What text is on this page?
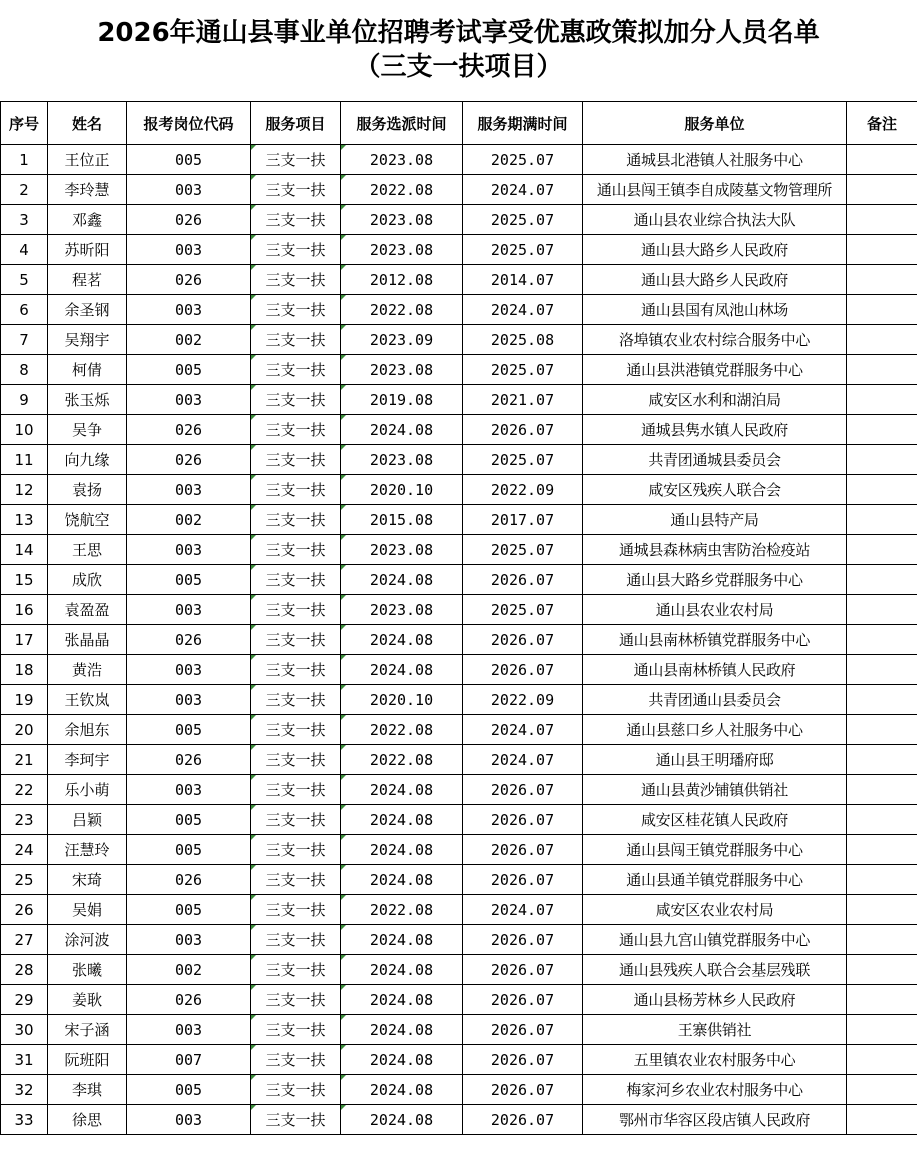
2026年通山县事业单位招聘考试享受优惠政策拟加分人员名单
（三支一扶项目）
序号	姓名	报考岗位代码	服务项目	服务选派时间	服务期满时间	服务单位	备注
1	王位正	005	三支一扶	2023.08	2025.07	通城县北港镇人社服务中心	
2	李玲慧	003	三支一扶	2022.08	2024.07	通山县闯王镇李自成陵墓文物管理所	
3	邓鑫	026	三支一扶	2023.08	2025.07	通山县农业综合执法大队	
4	苏昕阳	003	三支一扶	2023.08	2025.07	通山县大路乡人民政府	
5	程茗	026	三支一扶	2012.08	2014.07	通山县大路乡人民政府	
6	余圣钢	003	三支一扶	2022.08	2024.07	通山县国有凤池山林场	
7	吴翔宇	002	三支一扶	2023.09	2025.08	洛埠镇农业农村综合服务中心	
8	柯倩	005	三支一扶	2023.08	2025.07	通山县洪港镇党群服务中心	
9	张玉烁	003	三支一扶	2019.08	2021.07	咸安区水利和湖泊局	
10	吴争	026	三支一扶	2024.08	2026.07	通城县隽水镇人民政府	
11	向九缘	026	三支一扶	2023.08	2025.07	共青团通城县委员会	
12	袁扬	003	三支一扶	2020.10	2022.09	咸安区残疾人联合会	
13	饶航空	002	三支一扶	2015.08	2017.07	通山县特产局	
14	王思	003	三支一扶	2023.08	2025.07	通城县森林病虫害防治检疫站	
15	成欣	005	三支一扶	2024.08	2026.07	通山县大路乡党群服务中心	
16	袁盈盈	003	三支一扶	2023.08	2025.07	通山县农业农村局	
17	张晶晶	026	三支一扶	2024.08	2026.07	通山县南林桥镇党群服务中心	
18	黄浩	003	三支一扶	2024.08	2026.07	通山县南林桥镇人民政府	
19	王钦岚	003	三支一扶	2020.10	2022.09	共青团通山县委员会	
20	余旭东	005	三支一扶	2022.08	2024.07	通山县慈口乡人社服务中心	
21	李珂宇	026	三支一扶	2022.08	2024.07	通山县王明璠府邸	
22	乐小萌	003	三支一扶	2024.08	2026.07	通山县黄沙铺镇供销社	
23	吕颖	005	三支一扶	2024.08	2026.07	咸安区桂花镇人民政府	
24	汪慧玲	005	三支一扶	2024.08	2026.07	通山县闯王镇党群服务中心	
25	宋琦	026	三支一扶	2024.08	2026.07	通山县通羊镇党群服务中心	
26	吴娟	005	三支一扶	2022.08	2024.07	咸安区农业农村局	
27	涂河波	003	三支一扶	2024.08	2026.07	通山县九宫山镇党群服务中心	
28	张曦	002	三支一扶	2024.08	2026.07	通山县残疾人联合会基层残联	
29	姜耿	026	三支一扶	2024.08	2026.07	通山县杨芳林乡人民政府	
30	宋子涵	003	三支一扶	2024.08	2026.07	王寨供销社	
31	阮班阳	007	三支一扶	2024.08	2026.07	五里镇农业农村服务中心	
32	李琪	005	三支一扶	2024.08	2026.07	梅家河乡农业农村服务中心	
33	徐思	003	三支一扶	2024.08	2026.07	鄂州市华容区段店镇人民政府	
